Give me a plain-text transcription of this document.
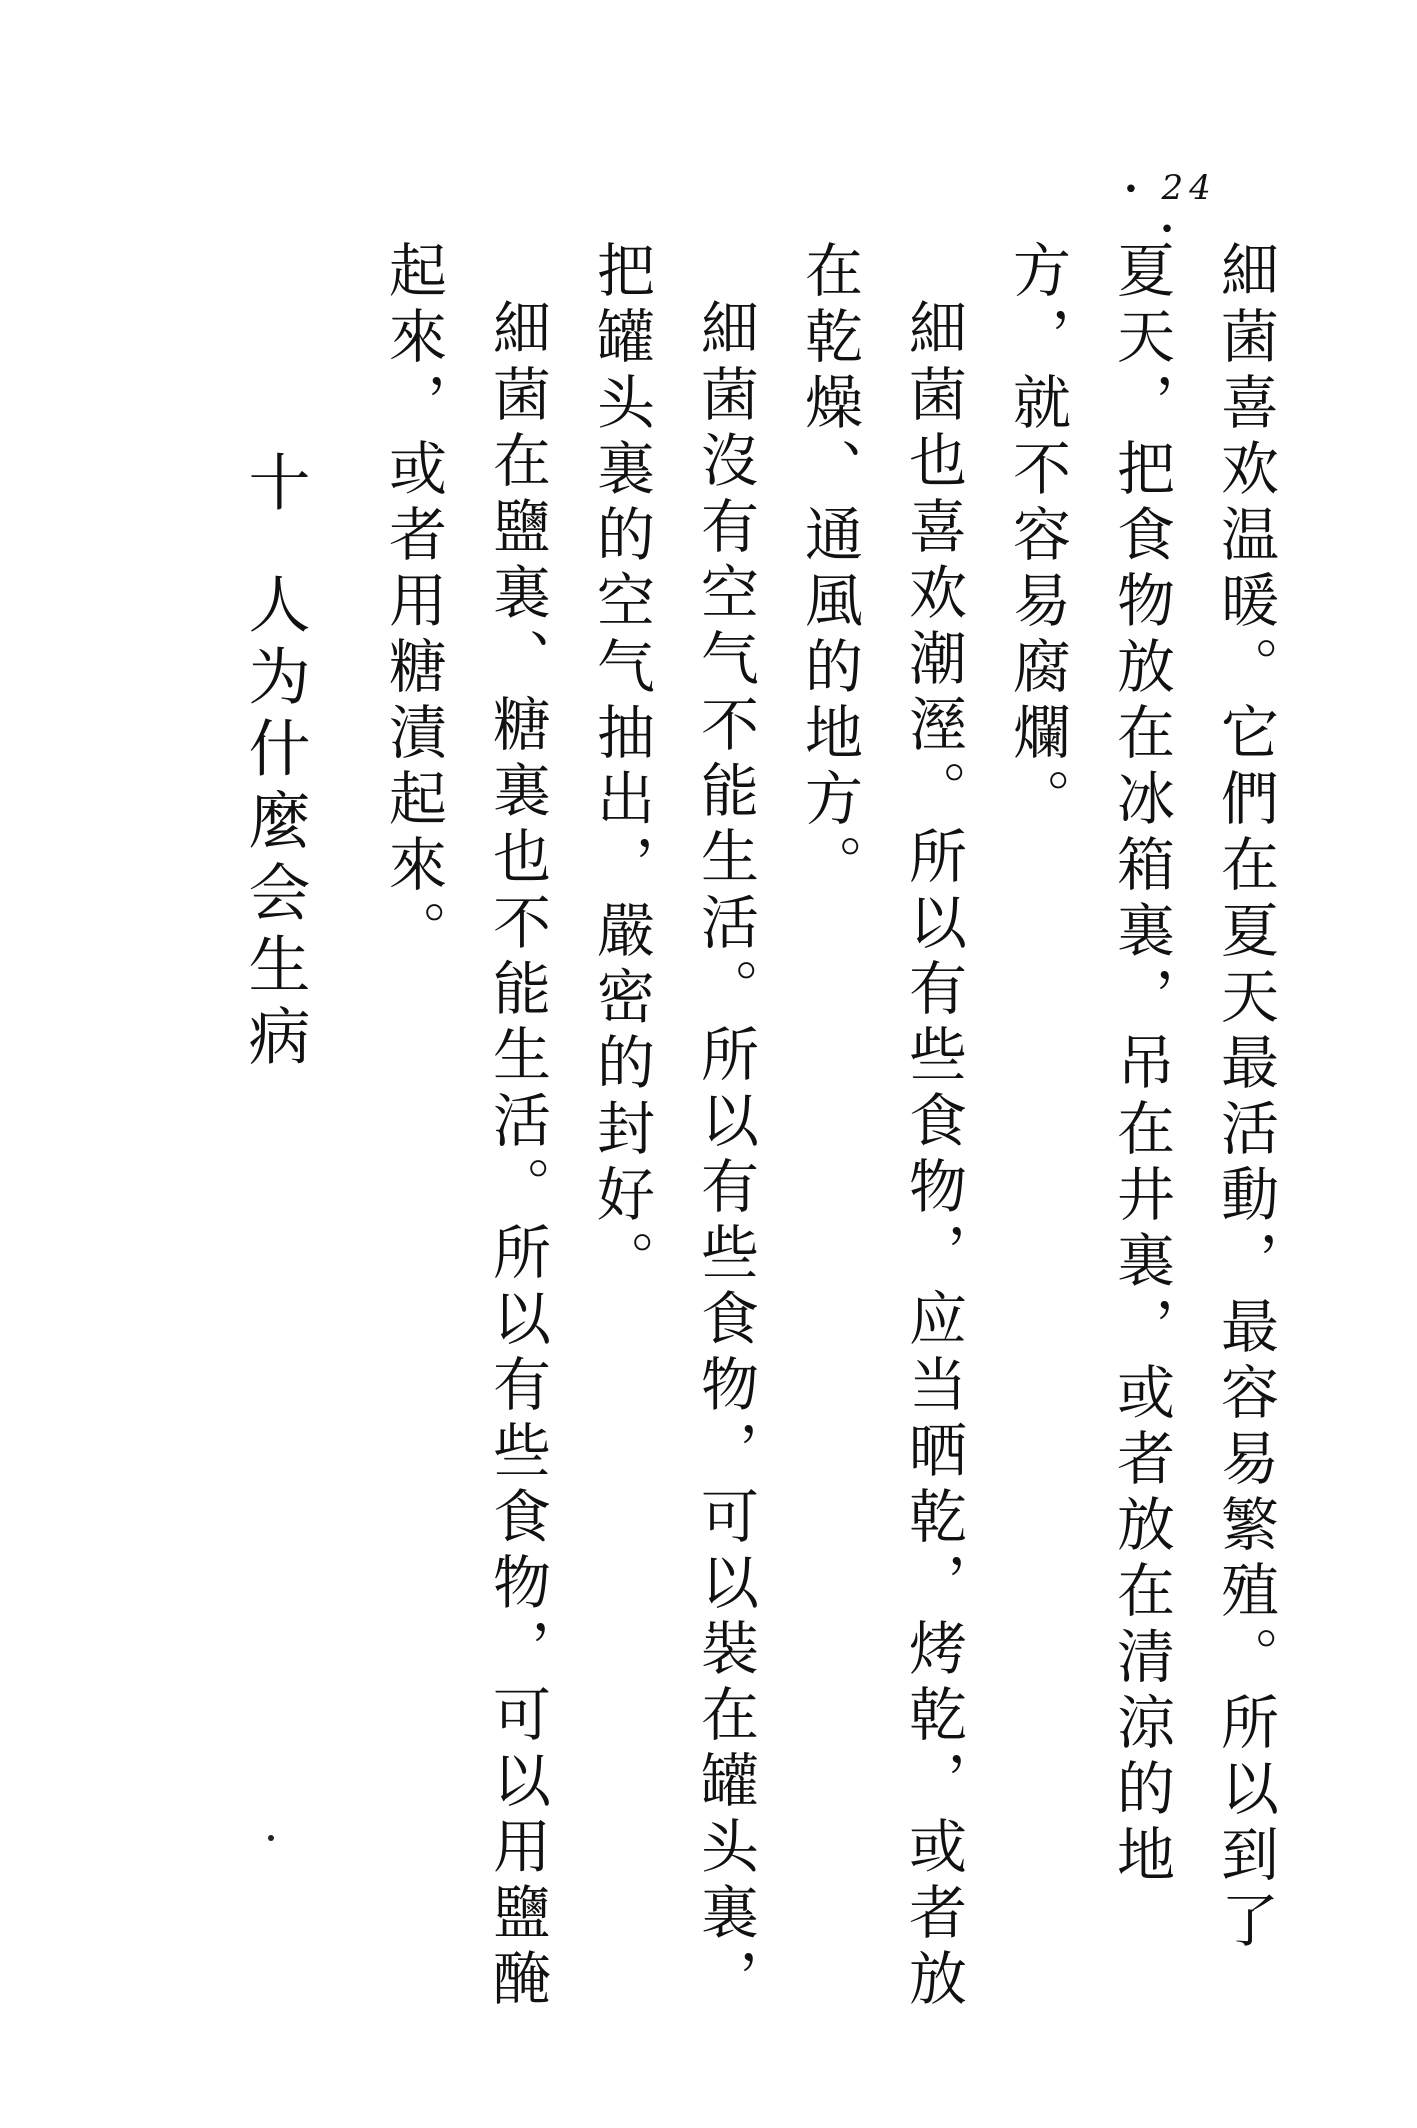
• 24 •

細菌喜欢温暖。它們在夏天最活動，最容易繁殖。所以到了夏天，把食物放在冰箱裏，吊在井裏，或者放在清涼的地方，就不容易腐爛。

細菌也喜欢潮溼。所以有些食物，应当晒乾，烤乾，或者放在乾燥、通風的地方。

細菌沒有空气不能生活。所以有些食物，可以裝在罐头裏，把罐头裏的空气抽出，嚴密的封好。

細菌在鹽裏、糖裏也不能生活。所以有些食物，可以用鹽醃起來，或者用糖漬起來。

十人为什麼会生病
